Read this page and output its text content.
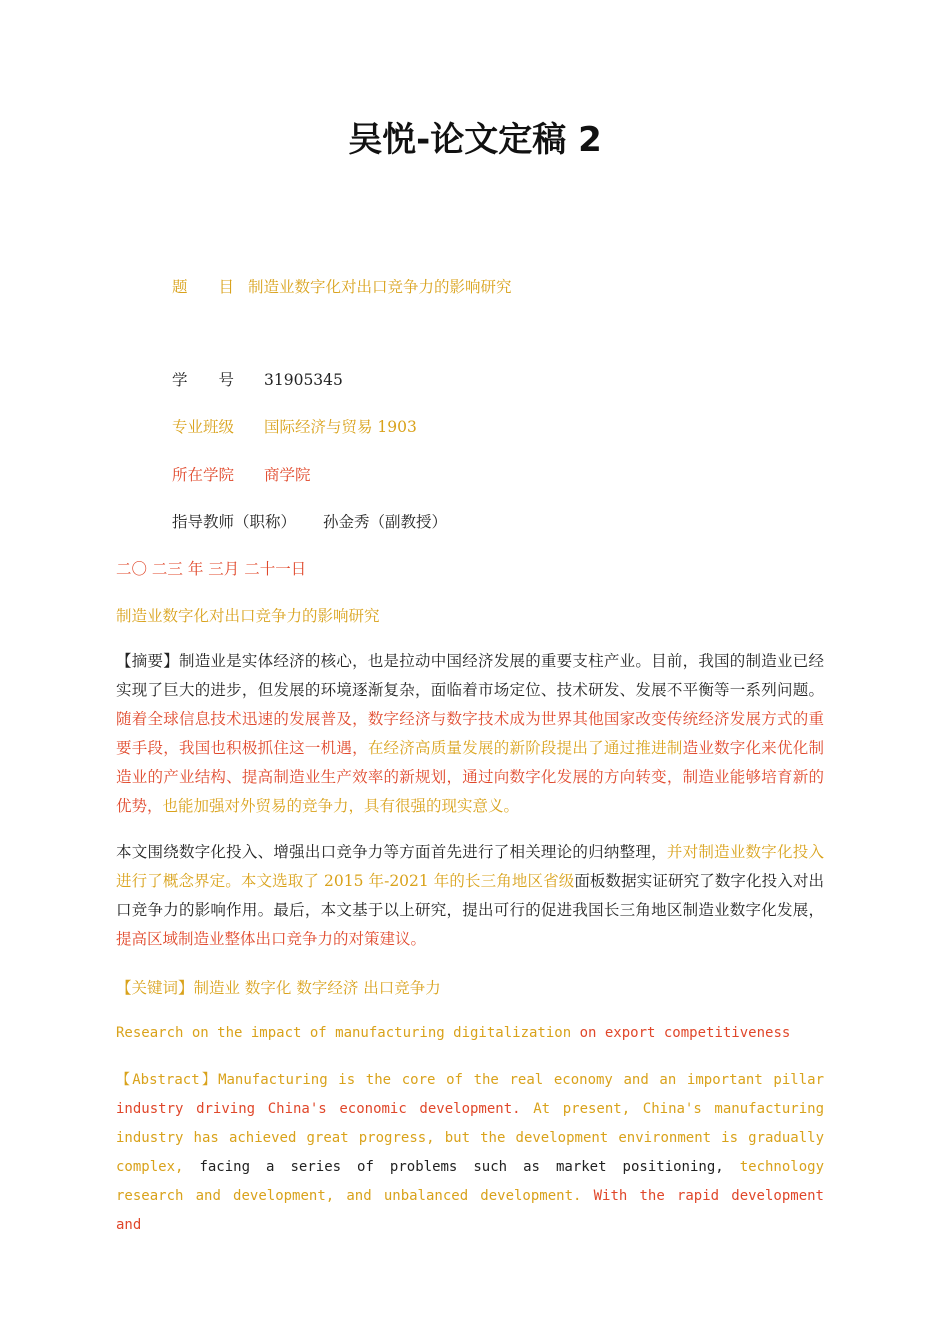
吴悦-论文定稿 2
题　　目 制造业数字化对出口竞争力的影响研究
学　　号 31905345
专业班级 国际经济与贸易 1903
所在学院 商学院
指导教师（职称） 孙金秀（副教授）
二〇 二三 年 三月 二十一日
制造业数字化对出口竞争力的影响研究
【摘要】制造业是实体经济的核心，也是拉动中国经济发展的重要支柱产业。目前，我国的制造业已经实现了巨大的进步，但发展的环境逐渐复杂，面临着市场定位、技术研发、发展不平衡等一系列问题。随着全球信息技术迅速的发展普及，数字经济与数字技术成为世界其他国家改变传统经济发展方式的重要手段，我国也积极抓住这一机遇，在经济高质量发展的新阶段提出了通过推进制造业数字化来优化制造业的产业结构、提高制造业生产效率的新规划，通过向数字化发展的方向转变，制造业能够培育新的优势，也能加强对外贸易的竞争力，具有很强的现实意义。
本文围绕数字化投入、增强出口竞争力等方面首先进行了相关理论的归纳整理，并对制造业数字化投入进行了概念界定。本文选取了 2015 年-2021 年的长三角地区省级面板数据实证研究了数字化投入对出口竞争力的影响作用。最后，本文基于以上研究，提出可行的促进我国长三角地区制造业数字化发展，提高区域制造业整体出口竞争力的对策建议。
【关键词】制造业 数字化 数字经济 出口竞争力
Research on the impact of manufacturing digitalization on export competitiveness
【Abstract】Manufacturing is the core of the real economy and an important pillar industry driving China's economic development. At present, China's manufacturing industry has achieved great progress, but the development environment is gradually complex, facing a series of problems such as market positioning, technology research and development, and unbalanced development. With the rapid development and
